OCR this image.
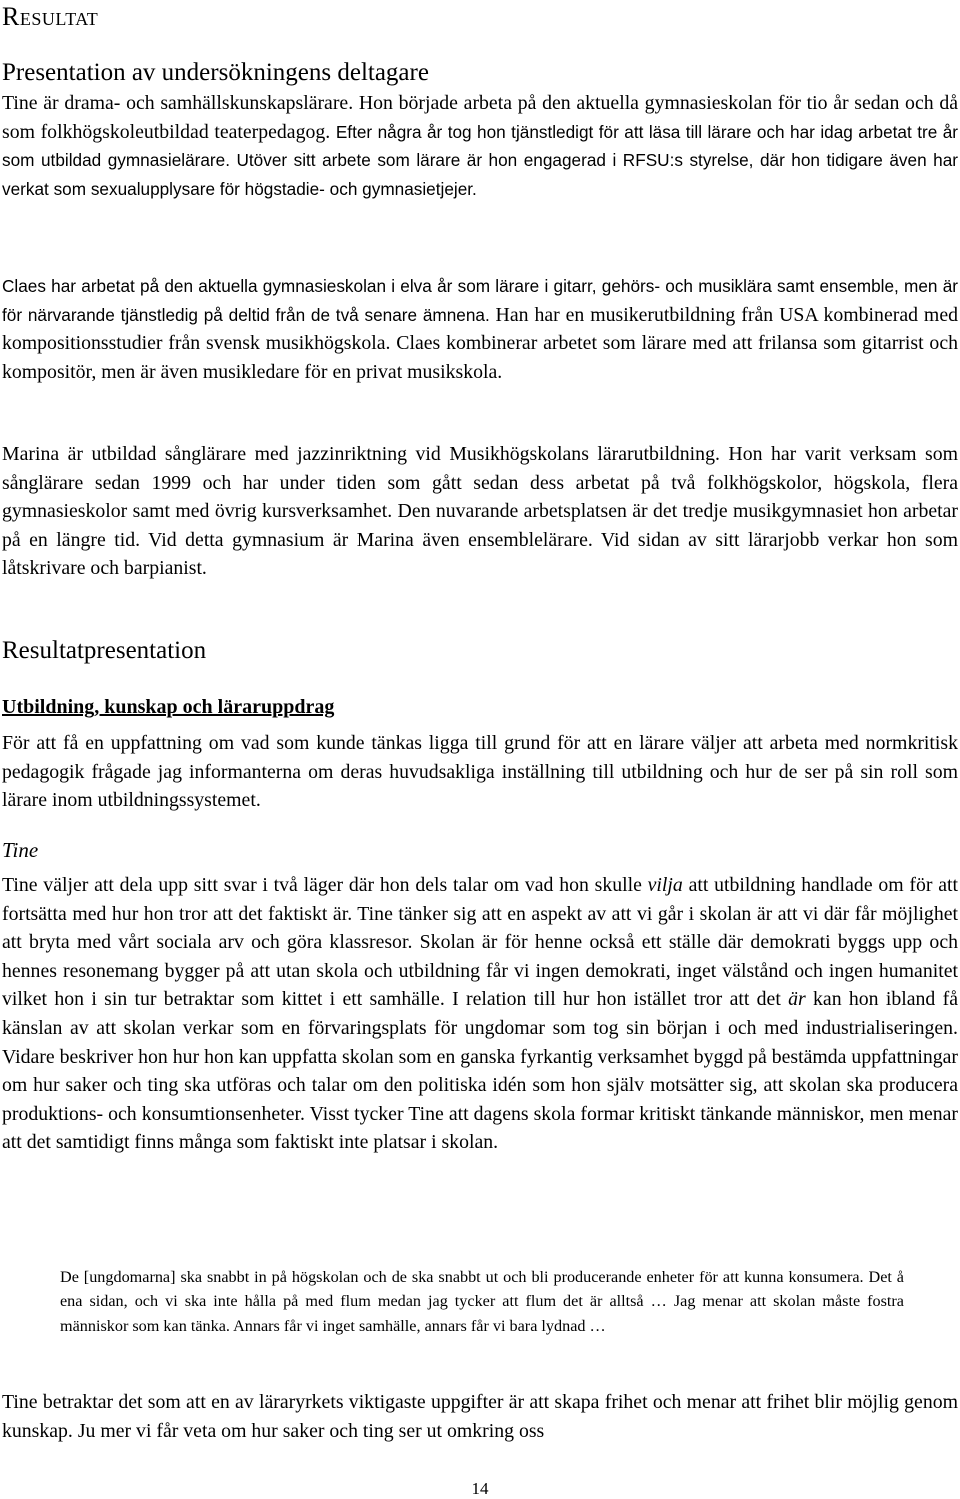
Resultat
Presentation av undersökningens deltagare

Tine är drama- och samhällskunskapslärare. Hon började arbeta på den aktuella gymnasieskolan för tio år sedan och då som folkhögskoleutbildad teaterpedagog. Efter några år tog hon tjänstledigt för att läsa till lärare och har idag arbetat tre år som utbildad gymnasielärare. Utöver sitt arbete som lärare är hon engagerad i RFSU:s styrelse, där hon tidigare även har verkat som sexualupplysare för högstadie- och gymnasietjejer.

Claes har arbetat på den aktuella gymnasieskolan i elva år som lärare i gitarr, gehörs- och musiklära samt ensemble, men är för närvarande tjänstledig på deltid från de två senare ämnena. Han har en musikerutbildning från USA kombinerad med kompositionsstudier från svensk musikhögskola. Claes kombinerar arbetet som lärare med att frilansa som gitarrist och kompositör, men är även musikledare för en privat musikskola.

Marina är utbildad sånglärare med jazzinriktning vid Musikhögskolans lärarutbildning. Hon har varit verksam som sånglärare sedan 1999 och har under tiden som gått sedan dess arbetat på två folkhögskolor, högskola, flera gymnasieskolor samt med övrig kursverksamhet. Den nuvarande arbetsplatsen är det tredje musikgymnasiet hon arbetar på en längre tid. Vid detta gymnasium är Marina även ensemblelärare. Vid sidan av sitt lärarjobb verkar hon som låtskrivare och barpianist.

Resultatpresentation
Utbildning, kunskap och läraruppdrag

För att få en uppfattning om vad som kunde tänkas ligga till grund för att en lärare väljer att arbeta med normkritisk pedagogik frågade jag informanterna om deras huvudsakliga inställning till utbildning och hur de ser på sin roll som lärare inom utbildningssystemet.

Tine

Tine väljer att dela upp sitt svar i två läger där hon dels talar om vad hon skulle vilja att utbildning handlade om för att fortsätta med hur hon tror att det faktiskt är. Tine tänker sig att en aspekt av att vi går i skolan är att vi där får möjlighet att bryta med vårt sociala arv och göra klassresor. Skolan är för henne också ett ställe där demokrati byggs upp och hennes resonemang bygger på att utan skola och utbildning får vi ingen demokrati, inget välstånd och ingen humanitet vilket hon i sin tur betraktar som kittet i ett samhälle. I relation till hur hon istället tror att det är kan hon ibland få känslan av att skolan verkar som en förvaringsplats för ungdomar som tog sin början i och med industrialiseringen. Vidare beskriver hon hur hon kan uppfatta skolan som en ganska fyrkantig verksamhet byggd på bestämda uppfattningar om hur saker och ting ska utföras och talar om den politiska idén som hon själv motsätter sig, att skolan ska producera produktions- och konsumtionsenheter. Visst tycker Tine att dagens skola formar kritiskt tänkande människor, men menar att det samtidigt finns många som faktiskt inte platsar i skolan.

De [ungdomarna] ska snabbt in på högskolan och de ska snabbt ut och bli producerande enheter för att kunna konsumera. Det å ena sidan, och vi ska inte hålla på med flum medan jag tycker att flum det är alltså … Jag menar att skolan måste fostra människor som kan tänka. Annars får vi inget samhälle, annars får vi bara lydnad …

Tine betraktar det som att en av läraryrkets viktigaste uppgifter är att skapa frihet och menar att frihet blir möjlig genom kunskap. Ju mer vi får veta om hur saker och ting ser ut omkring oss

14
